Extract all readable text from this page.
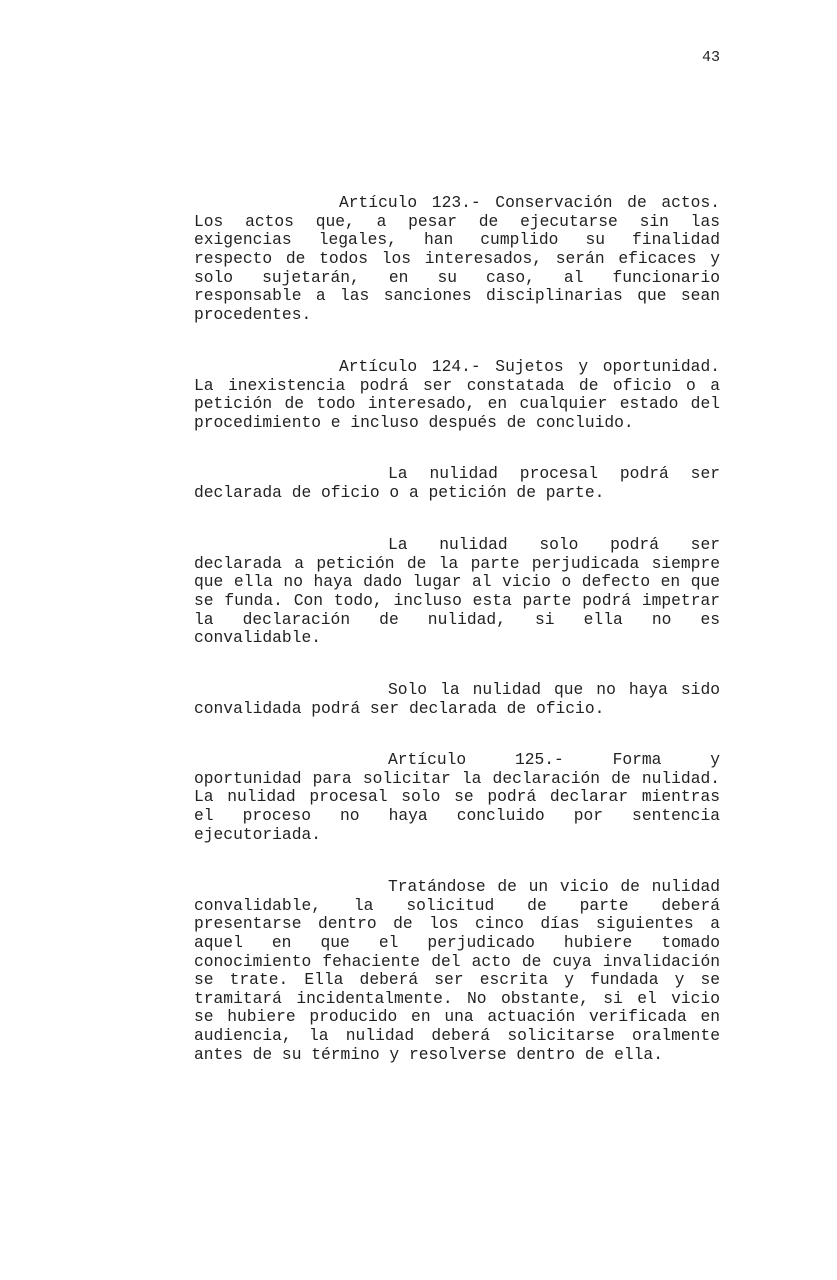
43
Artículo 123.- Conservación de actos.
Los actos que, a pesar de ejecutarse sin las
exigencias legales, han cumplido su finalidad
respecto de todos los interesados, serán eficaces y
solo sujetarán, en su caso, al funcionario
responsable a las sanciones disciplinarias que sean
procedentes.
Artículo 124.- Sujetos y oportunidad.
La inexistencia podrá ser constatada de oficio o a
petición de todo interesado, en cualquier estado del
procedimiento e incluso después de concluido.
La nulidad procesal podrá ser
declarada de oficio o a petición de parte.
La nulidad solo podrá ser
declarada a petición de la parte perjudicada siempre
que ella no haya dado lugar al vicio o defecto en que
se funda. Con todo, incluso esta parte podrá impetrar
la declaración de nulidad, si ella no es
convalidable.
Solo la nulidad que no haya sido
convalidada podrá ser declarada de oficio.
Artículo 125.- Forma y
oportunidad para solicitar la declaración de nulidad.
La nulidad procesal solo se podrá declarar mientras
el proceso no haya concluido por sentencia
ejecutoriada.
Tratándose de un vicio de nulidad
convalidable, la solicitud de parte deberá
presentarse dentro de los cinco días siguientes a
aquel en que el perjudicado hubiere tomado
conocimiento fehaciente del acto de cuya invalidación
se trate. Ella deberá ser escrita y fundada y se
tramitará incidentalmente. No obstante, si el vicio
se hubiere producido en una actuación verificada en
audiencia, la nulidad deberá solicitarse oralmente
antes de su término y resolverse dentro de ella.
